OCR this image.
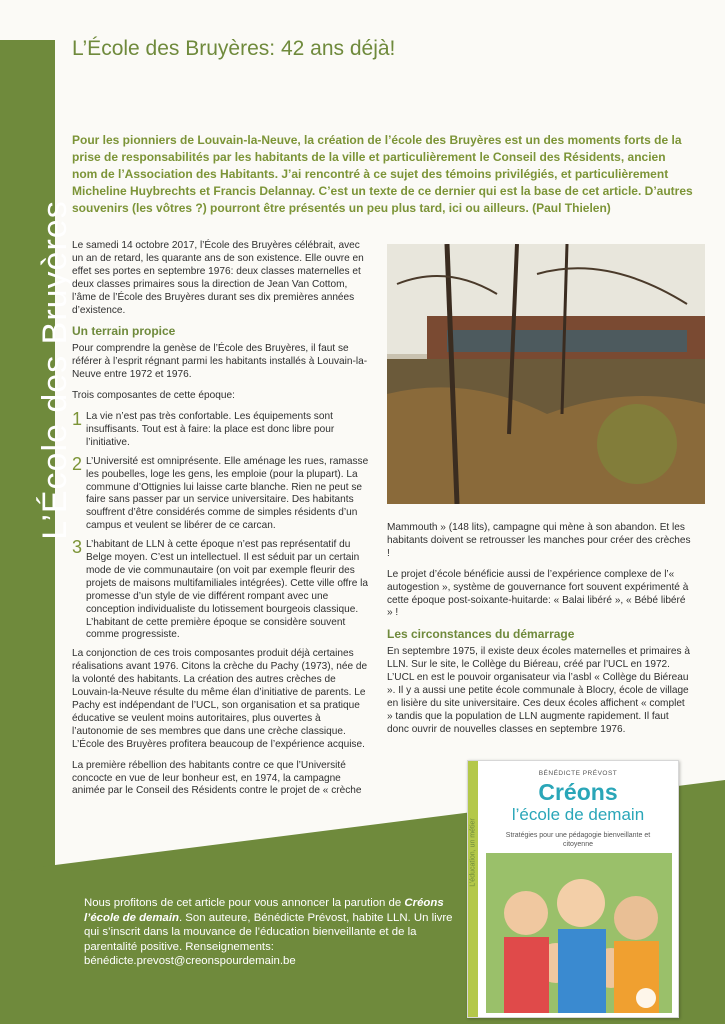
L’École des Bruyères
L’École des Bruyères: 42 ans déjà!
Pour les pionniers de Louvain-la-Neuve, la création de l’école des Bruyères est un des moments forts de la prise de responsabilités par les habitants de la ville et particulièrement le Conseil des Résidents, ancien nom de l’Association des Habitants. J’ai rencontré à ce sujet des témoins privilégiés, et particulièrement Micheline Huybrechts et Francis Delannay. C’est un texte de ce dernier qui est la base de cet article. D’autres souvenirs (les vôtres ?) pourront être présentés un peu plus tard, ici ou ailleurs. (Paul Thielen)

Le samedi 14 octobre 2017, l’École des Bruyères célébrait, avec un an de retard, les quarante ans de son existence. Elle ouvre en effet ses portes en septembre 1976: deux classes maternelles et deux classes primaires sous la direction de Jean Van Cottom, l’âme de l’École des Bruyères durant ses dix premières années d’existence.

Un terrain propice

Pour comprendre la genèse de l’École des Bruyères, il faut se référer à l’esprit régnant parmi les habitants installés à Louvain-la-Neuve entre 1972 et 1976.

Trois composantes de cette époque:

1 La vie n’est pas très confortable. Les équipements sont insuffisants. Tout est à faire: la place est donc libre pour l’initiative.
2 L’Université est omniprésente. Elle aménage les rues, ramasse les poubelles, loge les gens, les emploie (pour la plupart). La commune d’Ottignies lui laisse carte blanche. Rien ne peut se faire sans passer par un service universitaire. Des habitants souffrent d’être considérés comme de simples résidents d’un campus et veulent se libérer de ce carcan.
3 L’habitant de LLN à cette époque n’est pas représentatif du Belge moyen. C’est un intellectuel. Il est séduit par un certain mode de vie communautaire (on voit par exemple fleurir des projets de maisons multifamiliales intégrées). Cette ville offre la promesse d’un style de vie différent rompant avec une conception individualiste du lotissement bourgeois classique. L’habitant de cette première époque se considère souvent comme progressiste.

La conjonction de ces trois composantes produit déjà certaines réalisations avant 1976. Citons la crèche du Pachy (1973), née de la volonté des habitants. La création des autres crèches de Louvain-la-Neuve résulte du même élan d’initiative de parents. Le Pachy est indépendant de l’UCL, son organisation et sa pratique éducative se veulent moins autoritaires, plus ouvertes à l’autonomie de ses membres que dans une crèche classique. L’École des Bruyères profitera beaucoup de l’expérience acquise.

La première rébellion des habitants contre ce que l’Université concocte en vue de leur bonheur est, en 1974, la campagne animée par le Conseil des Résidents contre le projet de « crèche

Mammouth » (148 lits), campagne qui mène à son abandon. Et les habitants doivent se retrousser les manches pour créer des crèches !

Le projet d’école bénéficie aussi de l’expérience complexe de l’« autogestion », système de gouvernance fort souvent expérimenté à cette époque post-soixante-huitarde: « Balai libéré », « Bébé libéré » !

Les circonstances du démarrage

En septembre 1975, il existe deux écoles maternelles et primaires à LLN. Sur le site, le Collège du Biéreau, créé par l’UCL en 1972. L’UCL en est le pouvoir organisateur via l’asbl « Collège du Biéreau ». Il y a aussi une petite école communale à Blocry, école de village en lisière du site universitaire. Ces deux écoles affichent « complet » tandis que la population de LLN augmente rapidement. Il faut donc ouvrir de nouvelles classes en septembre 1976.

Nous profitons de cet article pour vous annoncer la parution de Créons l’école de demain. Son auteure, Bénédicte Prévost, habite LLN. Un livre qui s’inscrit dans la mouvance de l’éducation bienveillante et de la parentalité positive. Renseignements: bénédicte.prevost@creonspourdemain.be
L’éducation, un métier
BÉNÉDICTE PRÉVOST
Créons
l’école de demain
Stratégies pour une pédagogie bienveillante et citoyenne
